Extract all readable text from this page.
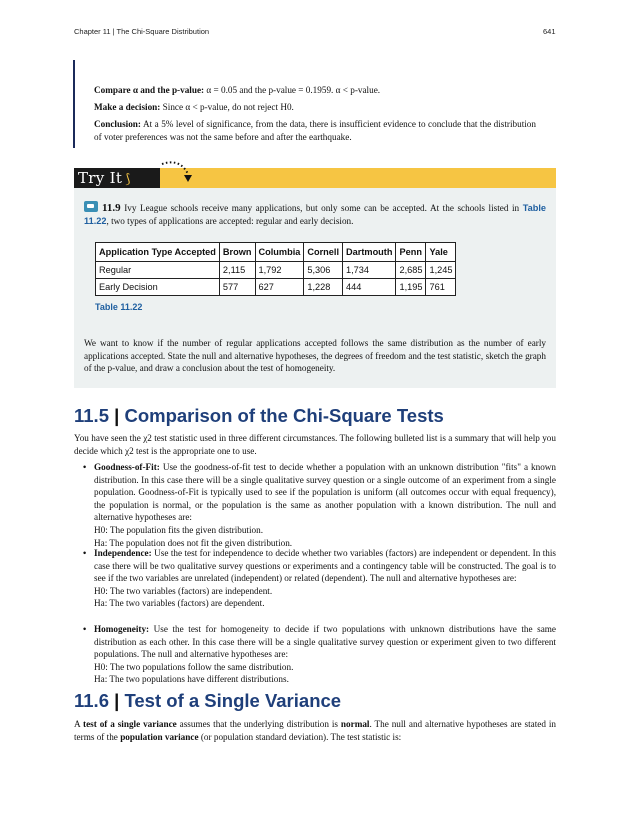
Chapter 11 | The Chi-Square Distribution	641

Compare α and the p-value: α = 0.05 and the p-value = 0.1959. α < p-value.

Make a decision: Since α < p-value, do not reject H0.

Conclusion: At a 5% level of significance, from the data, there is insufficient evidence to conclude that the distribution of voter preferences was not the same before and after the earthquake.

Try It ⟆

11.9 Ivy League schools receive many applications, but only some can be accepted. At the schools listed in Table 11.22, two types of applications are accepted: regular and early decision.

Application Type Accepted	Brown	Columbia	Cornell	Dartmouth	Penn	Yale
Regular	2,115	1,792	5,306	1,734	2,685	1,245
Early Decision	577	627	1,228	444	1,195	761
Table 11.22

We want to know if the number of regular applications accepted follows the same distribution as the number of early applications accepted. State the null and alternative hypotheses, the degrees of freedom and the test statistic, sketch the graph of the p-value, and draw a conclusion about the test of homogeneity.

11.5 | Comparison of the Chi-Square Tests

You have seen the χ2 test statistic used in three different circumstances. The following bulleted list is a summary that will help you decide which χ2 test is the appropriate one to use.

• Goodness-of-Fit: Use the goodness-of-fit test to decide whether a population with an unknown distribution "fits" a known distribution. In this case there will be a single qualitative survey question or a single outcome of an experiment from a single population. Goodness-of-Fit is typically used to see if the population is uniform (all outcomes occur with equal frequency), the population is normal, or the population is the same as another population with a known distribution. The null and alternative hypotheses are:
H0: The population fits the given distribution.
Ha: The population does not fit the given distribution.
• Independence: Use the test for independence to decide whether two variables (factors) are independent or dependent. In this case there will be two qualitative survey questions or experiments and a contingency table will be constructed. The goal is to see if the two variables are unrelated (independent) or related (dependent). The null and alternative hypotheses are:
H0: The two variables (factors) are independent.
Ha: The two variables (factors) are dependent.
• Homogeneity: Use the test for homogeneity to decide if two populations with unknown distributions have the same distribution as each other. In this case there will be a single qualitative survey question or experiment given to two different populations. The null and alternative hypotheses are:
H0: The two populations follow the same distribution.
Ha: The two populations have different distributions.
11.6 | Test of a Single Variance

A test of a single variance assumes that the underlying distribution is normal. The null and alternative hypotheses are stated in terms of the population variance (or population standard deviation). The test statistic is:
